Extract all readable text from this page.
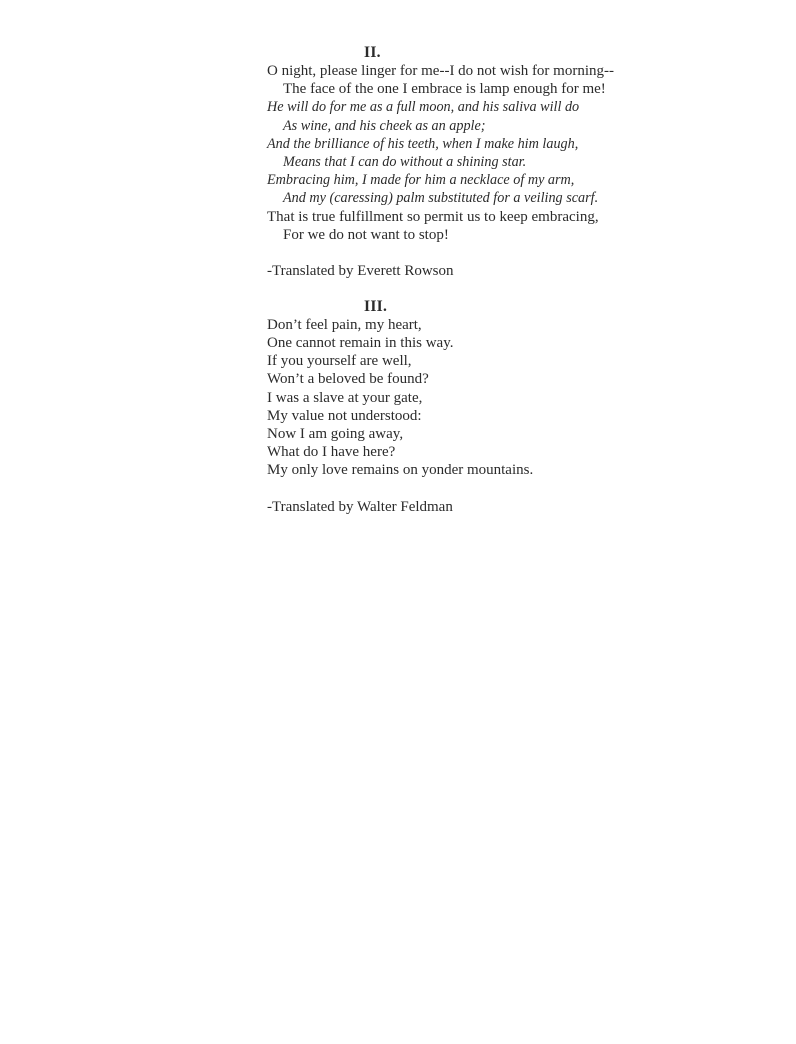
II.
O night, please linger for me--I do not wish for morning--
The face of the one I embrace is lamp enough for me!
He will do for me as a full moon, and his saliva will do
As wine, and his cheek as an apple;
And the brilliance of his teeth, when I make him laugh,
Means that I can do without a shining star.
Embracing him, I made for him a necklace of my arm,
And my (caressing) palm substituted for a veiling scarf.
That is true fulfillment so permit us to keep embracing,
For we do not want to stop!
-Translated by Everett Rowson
III.
Don’t feel pain, my heart,
One cannot remain in this way.
If you yourself are well,
Won’t a beloved be found?
I was a slave at your gate,
My value not understood:
Now I am going away,
What do I have here?
My only love remains on yonder mountains.
-Translated by Walter Feldman
